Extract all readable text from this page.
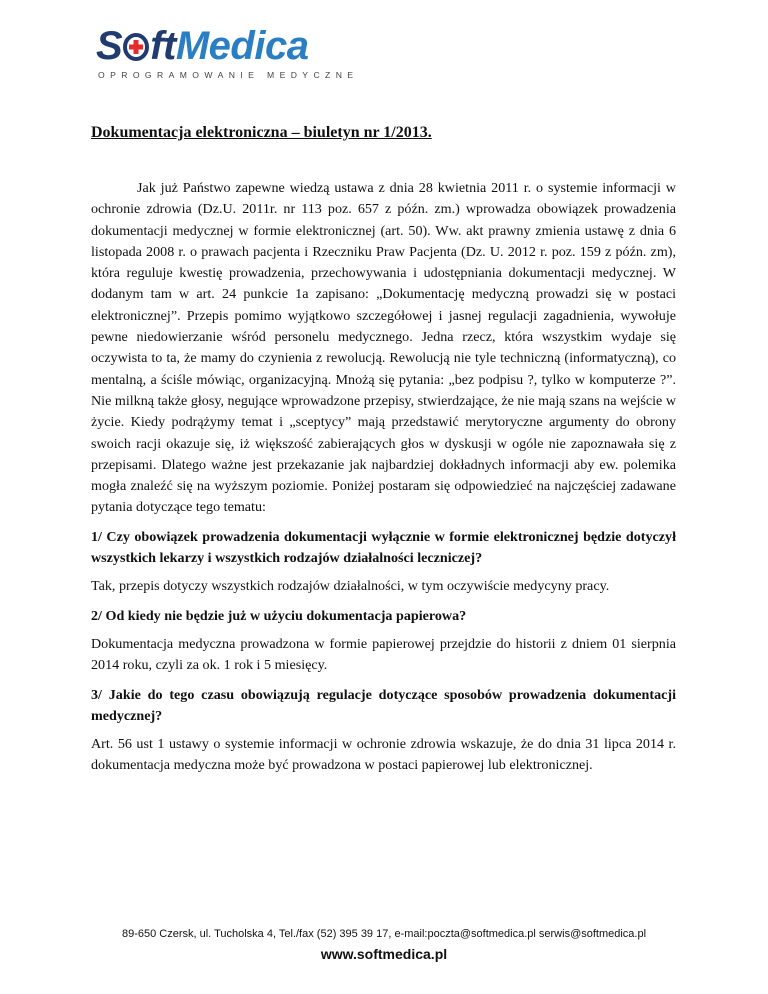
S ftMedica
OPROGRAMOWANIE MEDYCZNE
Dokumentacja elektroniczna – biuletyn nr 1/2013.

Jak już Państwo zapewne wiedzą ustawa z dnia 28 kwietnia 2011 r. o systemie informacji w ochronie zdrowia (Dz.U. 2011r. nr 113 poz. 657 z późn. zm.) wprowadza obowiązek prowadzenia dokumentacji medycznej w formie elektronicznej (art. 50). Ww. akt prawny zmienia ustawę z dnia 6 listopada 2008 r. o prawach pacjenta i Rzeczniku Praw Pacjenta (Dz. U. 2012 r. poz. 159 z późn. zm), która reguluje kwestię prowadzenia, przechowywania i udostępniania dokumentacji medycznej. W dodanym tam w art. 24 punkcie 1a zapisano: „Dokumentację medyczną prowadzi się w postaci elektronicznej”. Przepis pomimo wyjątkowo szczegółowej i jasnej regulacji zagadnienia, wywołuje pewne niedowierzanie wśród personelu medycznego. Jedna rzecz, która wszystkim wydaje się oczywista to ta, że mamy do czynienia z rewolucją. Rewolucją nie tyle techniczną (informatyczną), co mentalną, a ściśle mówiąc, organizacyjną. Mnożą się pytania: „bez podpisu ?, tylko w komputerze ?”. Nie milkną także głosy, negujące wprowadzone przepisy, stwierdzające, że nie mają szans na wejście w życie. Kiedy podrążymy temat i „sceptycy” mają przedstawić merytoryczne argumenty do obrony swoich racji okazuje się, iż większość zabierających głos w dyskusji w ogóle nie zapoznawała się z przepisami. Dlatego ważne jest przekazanie jak najbardziej dokładnych informacji aby ew. polemika mogła znaleźć się na wyższym poziomie. Poniżej postaram się odpowiedzieć na najczęściej zadawane pytania dotyczące tego tematu:

1/ Czy obowiązek prowadzenia dokumentacji wyłącznie w formie elektronicznej będzie dotyczył wszystkich lekarzy i wszystkich rodzajów działalności leczniczej?

Tak, przepis dotyczy wszystkich rodzajów działalności, w tym oczywiście medycyny pracy.

2/ Od kiedy nie będzie już w użyciu dokumentacja papierowa?

Dokumentacja medyczna prowadzona w formie papierowej przejdzie do historii z dniem 01 sierpnia 2014 roku, czyli za ok. 1 rok i 5 miesięcy.

3/ Jakie do tego czasu obowiązują regulacje dotyczące sposobów prowadzenia dokumentacji medycznej?

Art. 56 ust 1 ustawy o systemie informacji w ochronie zdrowia wskazuje, że do dnia 31 lipca 2014 r. dokumentacja medyczna może być prowadzona w postaci papierowej lub elektronicznej.

89-650 Czersk, ul. Tucholska 4, Tel./fax (52) 395 39 17, e-mail:poczta@softmedica.pl serwis@softmedica.pl
www.softmedica.pl
